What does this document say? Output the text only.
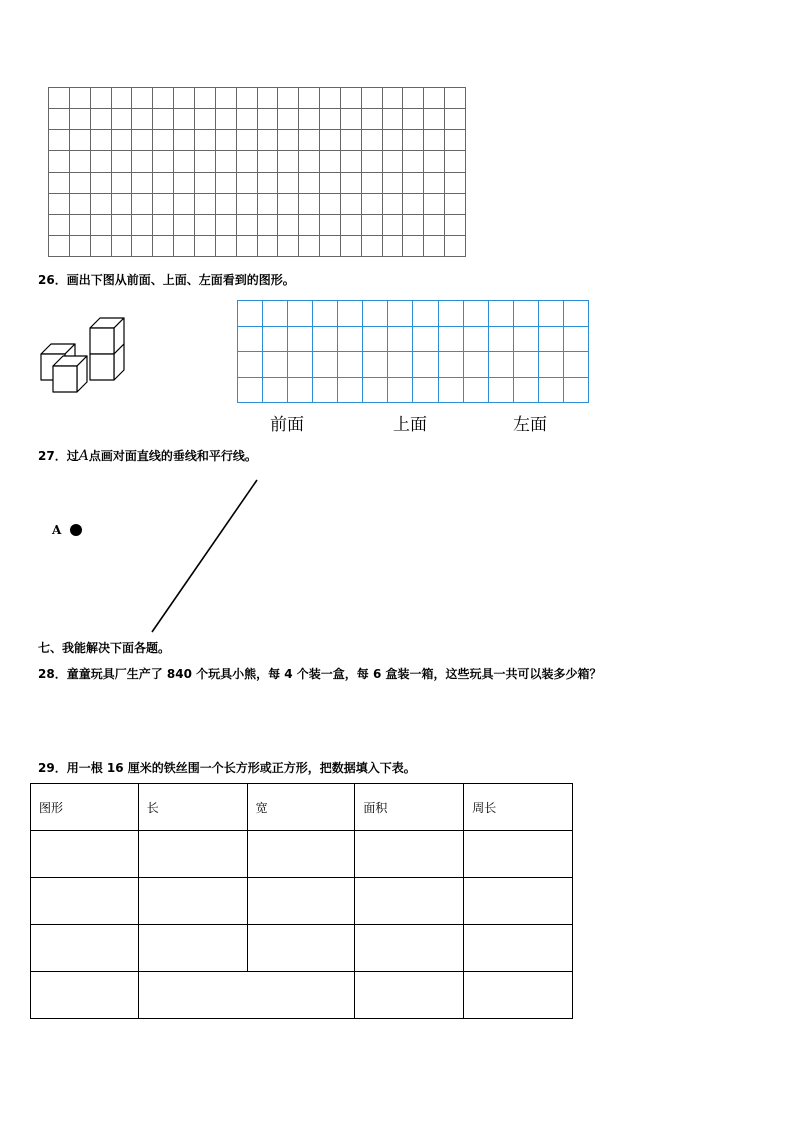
26．画出下图从前面、上面、左面看到的图形。
前面	上面	左面
27．过A点画对面直线的垂线和平行线。
A
七、我能解决下面各题。
28．童童玩具厂生产了 840 个玩具小熊，每 4 个装一盒，每 6 盒装一箱，这些玩具一共可以装多少箱？
29．用一根 16 厘米的铁丝围一个长方形或正方形，把数据填入下表。
图形	长	宽	面积	周长
